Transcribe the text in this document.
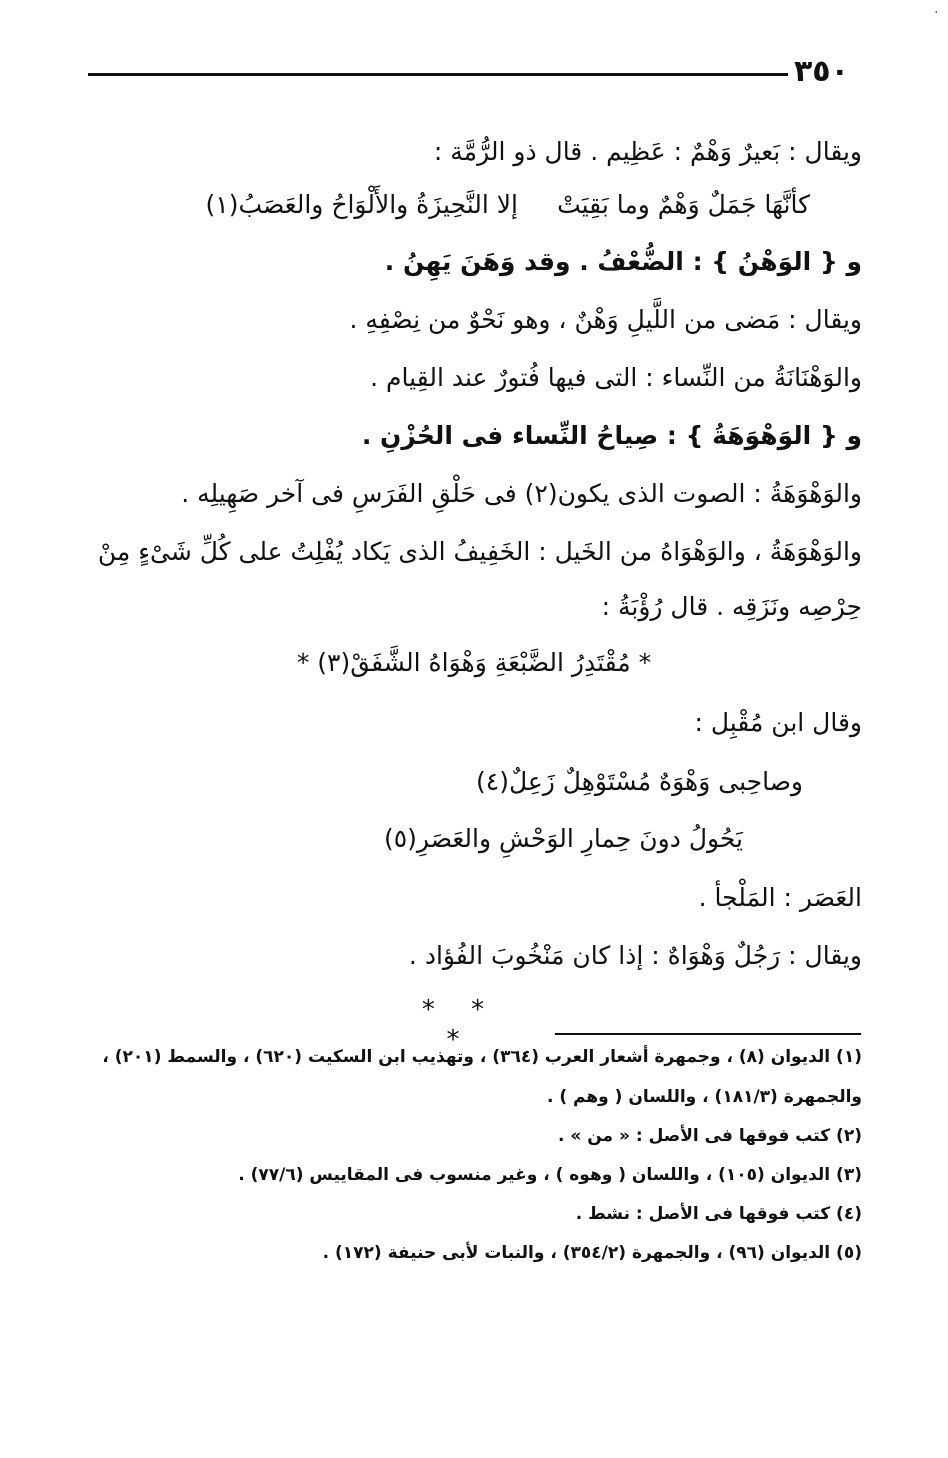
٠
٣٥٠
ويقال : بَعيرٌ وَهْمٌ : عَظِيم . قال ذو الرُّمَّة :
كأنَّهَا جَمَلٌ وَهْمٌ وما بَقِيَتْ
إلا النَّحِيزَةُ والأَلْوَاحُ والعَصَبُ(١)
و { الوَهْنُ } : الضُّعْفُ . وقد وَهَنَ يَهِنُ .
ويقال : مَضى من اللَّيلِ وَهْنٌ ، وهو نَحْوٌ من نِصْفِهِ .
والوَهْنَانَةُ من النِّساء : التى فيها فُتورٌ عند القِيام .
و { الوَهْوَهَةُ } : صِياحُ النِّساء فى الحُزْنِ .
والوَهْوَهَةُ : الصوت الذى يكون(٢) فى حَلْقِ الفَرَسِ فى آخر صَهِيلِه .
والوَهْوَهَةُ ، والوَهْوَاهُ من الخَيل : الخَفِيفُ الذى يَكاد يُفْلِتُ على كُلِّ شَىْءٍ مِنْ
حِرْصِه ونَزَقِه . قال رُؤْبَةُ :
* مُقْتَدِرُ الضَّبْعَةِ وَهْوَاهُ الشَّفَقْ(٣) *
وقال ابن مُقْبِل :
وصاحِبى وَهْوَهٌ مُسْتَوْهِلٌ زَعِلٌ(٤)
يَحُولُ دونَ حِمارِ الوَحْشِ والعَصَرِ(٥)
العَصَر : المَلْجأ .
ويقال : رَجُلٌ وَهْوَاهٌ : إذا كان مَنْخُوبَ الفُؤاد .
* * *
(١) الديوان (٨) ، وجمهرة أشعار العرب (٣٦٤) ، وتهذيب ابن السكيت (٦٢٠) ، والسمط (٢٠١) ،
والجمهرة (١٨١/٣) ، واللسان ( وهم ) .
(٢) كتب فوقها فى الأصل : « من » .
(٣) الديوان (١٠٥) ، واللسان ( وهوه ) ، وغير منسوب فى المقاييس (٧٧/٦) .
(٤) كتب فوقها فى الأصل : نشط .
(٥) الديوان (٩٦) ، والجمهرة (٣٥٤/٢) ، والنبات لأبى حنيفة (١٧٢) .
